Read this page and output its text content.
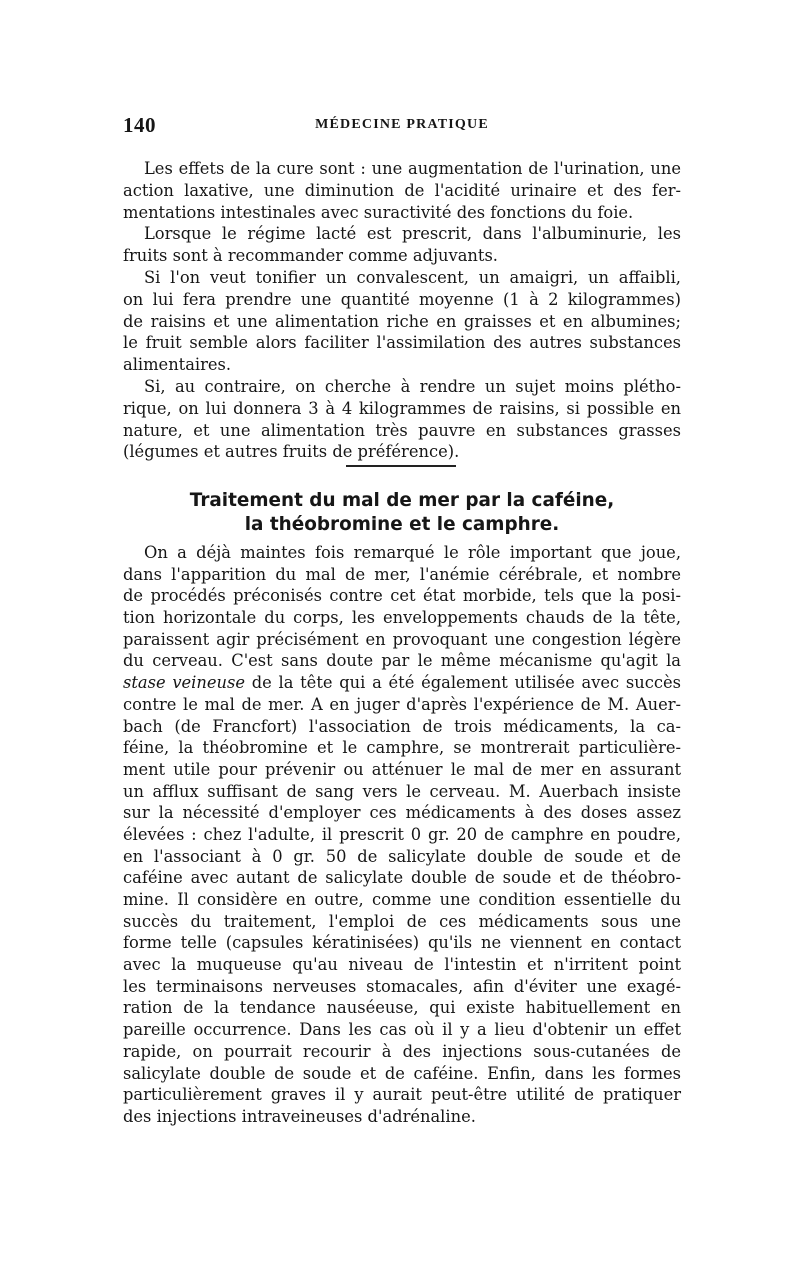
140	MÉDECINE PRATIQUE
Les effets de la cure sont : une augmentation de l'urination, une
action laxative, une diminution de l'acidité urinaire et des fer-
mentations intestinales avec suractivité des fonctions du foie.
Lorsque le régime lacté est prescrit, dans l'albuminurie, les
fruits sont à recommander comme adjuvants.
Si l'on veut tonifier un convalescent, un amaigri, un affaibli,
on lui fera prendre une quantité moyenne (1 à 2 kilogrammes)
de raisins et une alimentation riche en graisses et en albumines;
le fruit semble alors faciliter l'assimilation des autres substances
alimentaires.
Si, au contraire, on cherche à rendre un sujet moins plétho-
rique, on lui donnera 3 à 4 kilogrammes de raisins, si possible en
nature, et une alimentation très pauvre en substances grasses
(légumes et autres fruits de préférence).
Traitement du mal de mer par la caféine,
la théobromine et le camphre.
On a déjà maintes fois remarqué le rôle important que joue,
dans l'apparition du mal de mer, l'anémie cérébrale, et nombre
de procédés préconisés contre cet état morbide, tels que la posi-
tion horizontale du corps, les enveloppements chauds de la tête,
paraissent agir précisément en provoquant une congestion légère
du cerveau. C'est sans doute par le même mécanisme qu'agit la
stase veineuse de la tête qui a été également utilisée avec succès
contre le mal de mer. A en juger d'après l'expérience de M. Auer-
bach (de Francfort) l'association de trois médicaments, la ca-
féine, la théobromine et le camphre, se montrerait particulière-
ment utile pour prévenir ou atténuer le mal de mer en assurant
un afflux suffisant de sang vers le cerveau. M. Auerbach insiste
sur la nécessité d'employer ces médicaments à des doses assez
élevées : chez l'adulte, il prescrit 0 gr. 20 de camphre en poudre,
en l'associant à 0 gr. 50 de salicylate double de soude et de
caféine avec autant de salicylate double de soude et de théobro-
mine. Il considère en outre, comme une condition essentielle du
succès du traitement, l'emploi de ces médicaments sous une
forme telle (capsules kératinisées) qu'ils ne viennent en contact
avec la muqueuse qu'au niveau de l'intestin et n'irritent point
les terminaisons nerveuses stomacales, afin d'éviter une exagé-
ration de la tendance nauséeuse, qui existe habituellement en
pareille occurrence. Dans les cas où il y a lieu d'obtenir un effet
rapide, on pourrait recourir à des injections sous-cutanées de
salicylate double de soude et de caféine. Enfin, dans les formes
particulièrement graves il y aurait peut-être utilité de pratiquer
des injections intraveineuses d'adrénaline.
